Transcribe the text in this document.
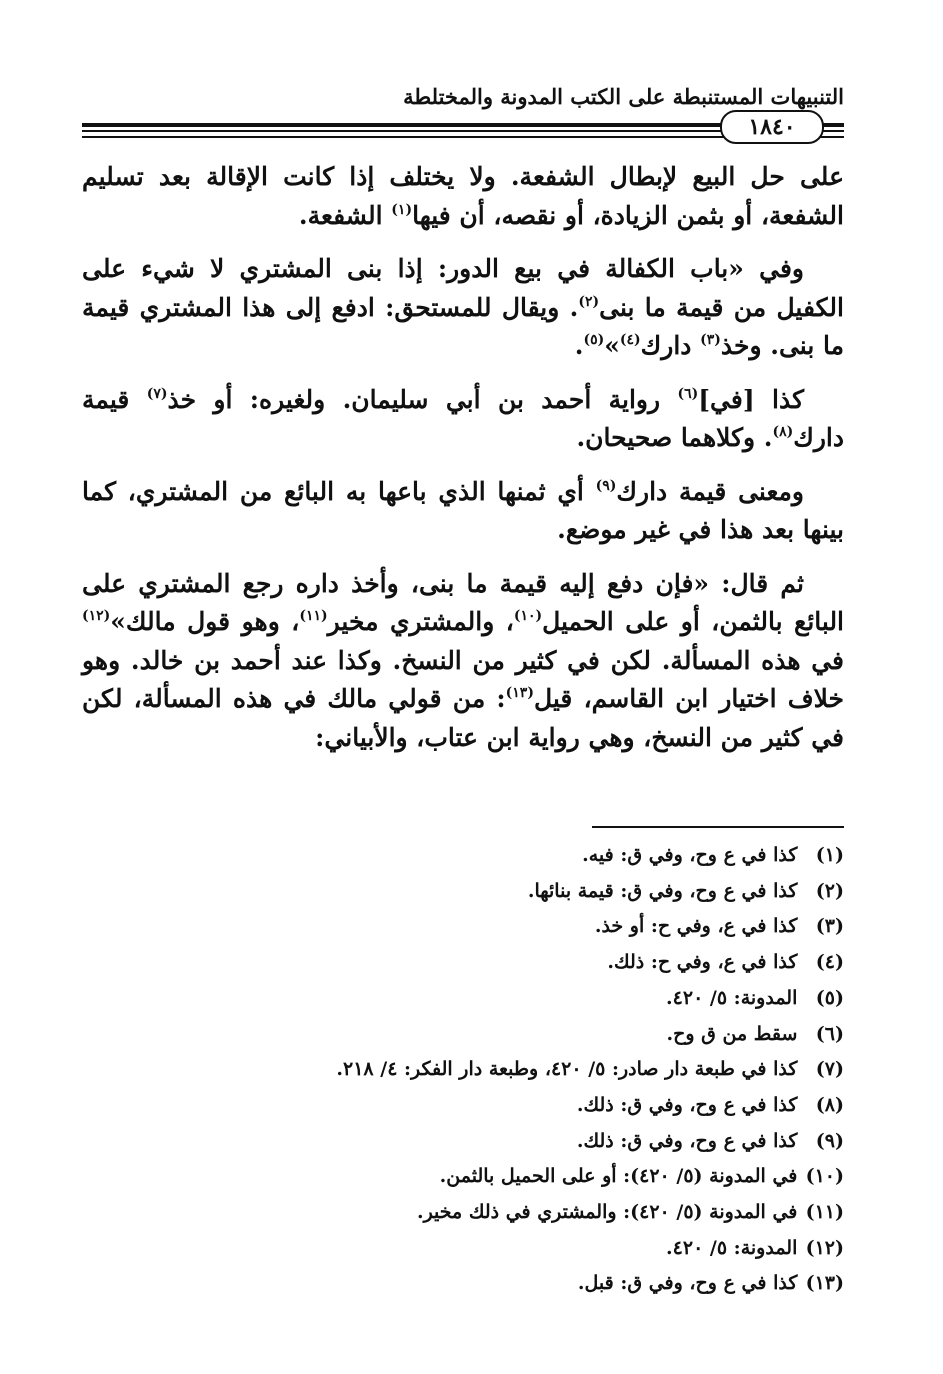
التنبيهات المستنبطة على الكتب المدونة والمختلطة
١٨٤٠

على حل البيع لإبطال الشفعة. ولا يختلف إذا كانت الإقالة بعد تسليم الشفعة، أو بثمن الزيادة، أو نقصه، أن فيها$^{(١)}$ الشفعة.

وفي «باب الكفالة في بيع الدور: إذا بنى المشتري لا شيء على الكفيل من قيمة ما بنى$^{(٢)}$. ويقال للمستحق: ادفع إلى هذا المشتري قيمة ما بنى. وخذ$^{(٣)}$ دارك$^{(٤)}$»$^{(٥)}$.

كذا [في]$^{(٦)}$ رواية أحمد بن أبي سليمان. ولغيره: أو خذ$^{(٧)}$ قيمة دارك$^{(٨)}$. وكلاهما صحيحان.

ومعنى قيمة دارك$^{(٩)}$ أي ثمنها الذي باعها به البائع من المشتري، كما بينها بعد هذا في غير موضع.

ثم قال: «فإن دفع إليه قيمة ما بنى، وأخذ داره رجع المشتري على البائع بالثمن، أو على الحميل$^{(١٠)}$، والمشتري مخير$^{(١١)}$، وهو قول مالك»$^{(١٢)}$ في هذه المسألة. لكن في كثير من النسخ. وكذا عند أحمد بن خالد. وهو خلاف اختيار ابن القاسم، قيل$^{(١٣)}$: من قولي مالك في هذه المسألة، لكن في كثير من النسخ، وهي رواية ابن عتاب، والأبياني:

(١) كذا في ع وح، وفي ق: فيه.
(٢) كذا في ع وح، وفي ق: قيمة بنائها.
(٣) كذا في ع، وفي ح: أو خذ.
(٤) كذا في ع، وفي ح: ذلك.
(٥) المدونة: ٥/ ٤٢٠.
(٦) سقط من ق وح.
(٧) كذا في طبعة دار صادر: ٥/ ٤٢٠، وطبعة دار الفكر: ٤/ ٢١٨.
(٨) كذا في ع وح، وفي ق: ذلك.
(٩) كذا في ع وح، وفي ق: ذلك.
(١٠) في المدونة (٥/ ٤٢٠): أو على الحميل بالثمن.
(١١) في المدونة (٥/ ٤٢٠): والمشتري في ذلك مخير.
(١٢) المدونة: ٥/ ٤٢٠.
(١٣) كذا في ع وح، وفي ق: قبل.
